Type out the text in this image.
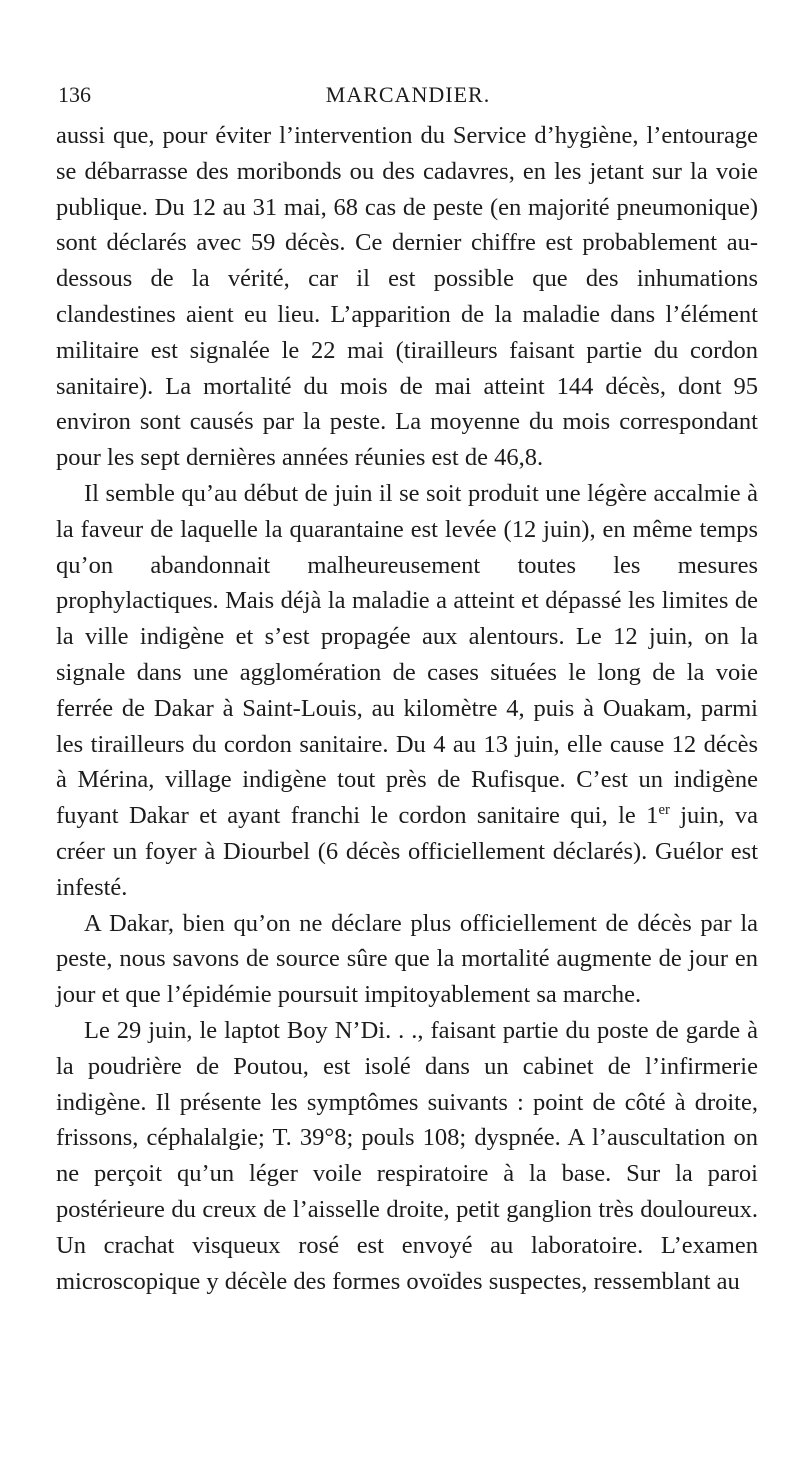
136	MARCANDIER.

aussi que, pour éviter l’intervention du Service d’hygiène, l’entourage se débarrasse des moribonds ou des cadavres, en les jetant sur la voie publique. Du 12 au 31 mai, 68 cas de peste (en majorité pneumonique) sont déclarés avec 59 décès. Ce dernier chiffre est probablement au-dessous de la vérité, car il est possible que des inhumations clandestines aient eu lieu. L’apparition de la maladie dans l’élément militaire est signalée le 22 mai (tirailleurs faisant partie du cordon sanitaire). La mortalité du mois de mai atteint 144 décès, dont 95 environ sont causés par la peste. La moyenne du mois correspondant pour les sept dernières années réunies est de 46,8.

Il semble qu’au début de juin il se soit produit une légère accalmie à la faveur de laquelle la quarantaine est levée (12 juin), en même temps qu’on abandonnait malheureusement toutes les mesures prophylactiques. Mais déjà la maladie a atteint et dépassé les limites de la ville indigène et s’est propagée aux alentours. Le 12 juin, on la signale dans une agglomération de cases situées le long de la voie ferrée de Dakar à Saint-Louis, au kilomètre 4, puis à Ouakam, parmi les tirailleurs du cordon sanitaire. Du 4 au 13 juin, elle cause 12 décès à Mérina, village indigène tout près de Rufisque. C’est un indigène fuyant Dakar et ayant franchi le cordon sanitaire qui, le 1er juin, va créer un foyer à Diourbel (6 décès officiellement déclarés). Guélor est infesté.

A Dakar, bien qu’on ne déclare plus officiellement de décès par la peste, nous savons de source sûre que la mortalité augmente de jour en jour et que l’épidémie poursuit impitoyablement sa marche.

Le 29 juin, le laptot Boy N’Di. . ., faisant partie du poste de garde à la poudrière de Poutou, est isolé dans un cabinet de l’infirmerie indigène. Il présente les symptômes suivants : point de côté à droite, frissons, céphalalgie; T. 39°8; pouls 108; dyspnée. A l’auscultation on ne perçoit qu’un léger voile respiratoire à la base. Sur la paroi postérieure du creux de l’aisselle droite, petit ganglion très douloureux. Un crachat visqueux rosé est envoyé au laboratoire. L’examen microscopique y décèle des formes ovoïdes suspectes, ressemblant au
